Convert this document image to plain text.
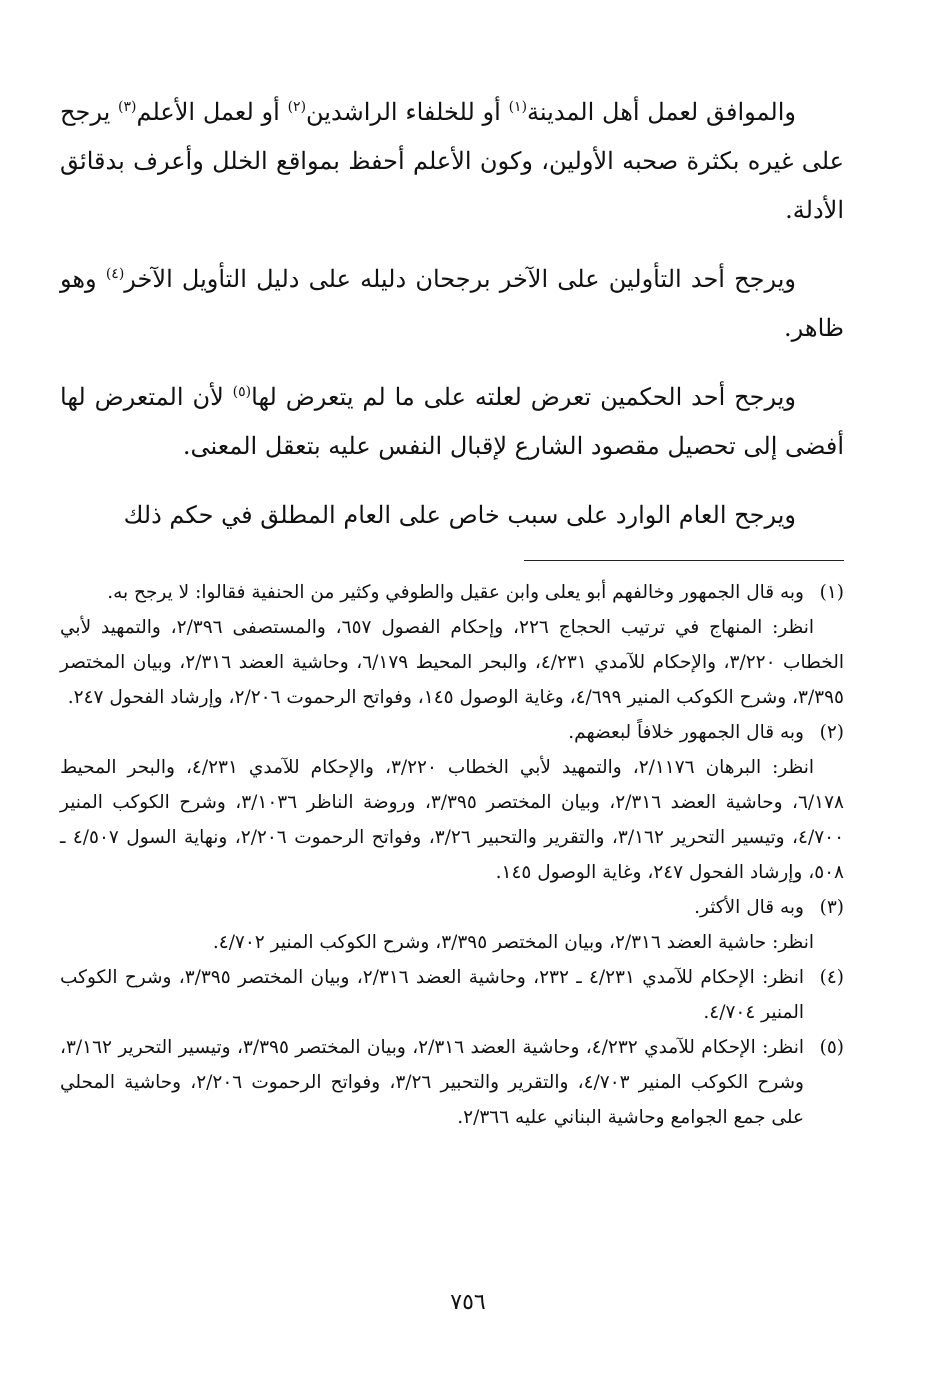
والموافق لعمل أهل المدينة$^{(١)}$ أو للخلفاء الراشدين$^{(٢)}$ أو لعمل الأعلم$^{(٣)}$ يرجح على غيره بكثرة صحبه الأولين، وكون الأعلم أحفظ بمواقع الخلل وأعرف بدقائق الأدلة.

ويرجح أحد التأولين على الآخر برجحان دليله على دليل التأويل الآخر$^{(٤)}$ وهو ظاهر.

ويرجح أحد الحكمين تعرض لعلته على ما لم يتعرض لها$^{(٥)}$ لأن المتعرض لها أفضى إلى تحصيل مقصود الشارع لإقبال النفس عليه بتعقل المعنى.

ويرجح العام الوارد على سبب خاص على العام المطلق في حكم ذلك

(١)

وبه قال الجمهور وخالفهم أبو يعلى وابن عقيل والطوفي وكثير من الحنفية فقالوا: لا يرجح به.

انظر: المنهاج في ترتيب الحجاج ٢٢٦، وإحكام الفصول ٦٥٧، والمستصفى ٢/٣٩٦، والتمهيد لأبي الخطاب ٣/٢٢٠، والإحكام للآمدي ٤/٢٣١، والبحر المحيط ٦/١٧٩، وحاشية العضد ٢/٣١٦، وبيان المختصر ٣/٣٩٥، وشرح الكوكب المنير ٤/٦٩٩، وغاية الوصول ١٤٥، وفواتح الرحموت ٢/٢٠٦، وإرشاد الفحول ٢٤٧.

(٢)

وبه قال الجمهور خلافاً لبعضهم.

انظر: البرهان ٢/١١٧٦، والتمهيد لأبي الخطاب ٣/٢٢٠، والإحكام للآمدي ٤/٢٣١، والبحر المحيط ٦/١٧٨، وحاشية العضد ٢/٣١٦، وبيان المختصر ٣/٣٩٥، وروضة الناظر ٣/١٠٣٦، وشرح الكوكب المنير ٤/٧٠٠، وتيسير التحرير ٣/١٦٢، والتقرير والتحبير ٣/٢٦، وفواتح الرحموت ٢/٢٠٦، ونهاية السول ٤/٥٠٧ ـ ٥٠٨، وإرشاد الفحول ٢٤٧، وغاية الوصول ١٤٥.

(٣)

وبه قال الأكثر.

انظر: حاشية العضد ٢/٣١٦، وبيان المختصر ٣/٣٩٥، وشرح الكوكب المنير ٤/٧٠٢.

(٤)

انظر: الإحكام للآمدي ٤/٢٣١ ـ ٢٣٢، وحاشية العضد ٢/٣١٦، وبيان المختصر ٣/٣٩٥، وشرح الكوكب المنير ٤/٧٠٤.

(٥)

انظر: الإحكام للآمدي ٤/٢٣٢، وحاشية العضد ٢/٣١٦، وبيان المختصر ٣/٣٩٥، وتيسير التحرير ٣/١٦٢، وشرح الكوكب المنير ٤/٧٠٣، والتقرير والتحبير ٣/٢٦، وفواتح الرحموت ٢/٢٠٦، وحاشية المحلي على جمع الجوامع وحاشية البناني عليه ٢/٣٦٦.

٧٥٦
